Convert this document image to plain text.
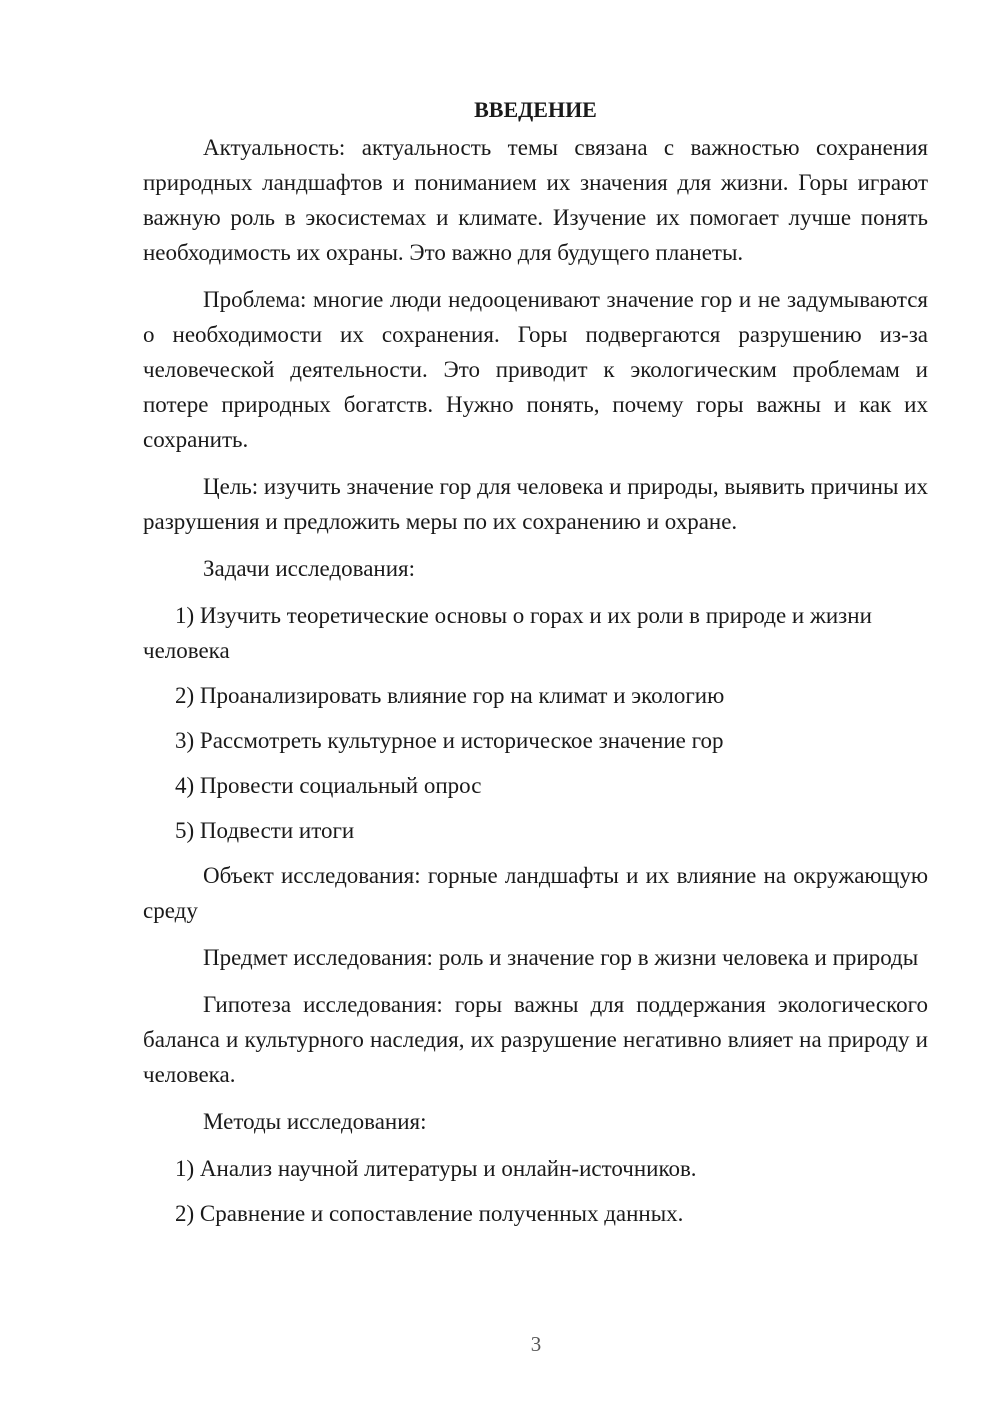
ВВЕДЕНИЕ

Актуальность: актуальность темы связана с важностью сохранения природных ландшафтов и пониманием их значения для жизни. Горы играют важную роль в экосистемах и климате. Изучение их помогает лучше понять необходимость их охраны. Это важно для будущего планеты.

Проблема: многие люди недооценивают значение гор и не задумываются о необходимости их сохранения. Горы подвергаются разрушению из-за человеческой деятельности. Это приводит к экологическим проблемам и потере природных богатств. Нужно понять, почему горы важны и как их сохранить.

Цель: изучить значение гор для человека и природы, выявить причины их разрушения и предложить меры по их сохранению и охране.

Задачи исследования:

1) Изучить теоретические основы о горах и их роли в природе и жизни человека

2) Проанализировать влияние гор на климат и экологию

3) Рассмотреть культурное и историческое значение гор

4) Провести социальный опрос

5) Подвести итоги

Объект исследования: горные ландшафты и их влияние на окружающую среду

Предмет исследования: роль и значение гор в жизни человека и природы

Гипотеза исследования: горы важны для поддержания экологического баланса и культурного наследия, их разрушение негативно влияет на природу и человека.

Методы исследования:

1) Анализ научной литературы и онлайн-источников.

2) Сравнение и сопоставление полученных данных.

3
